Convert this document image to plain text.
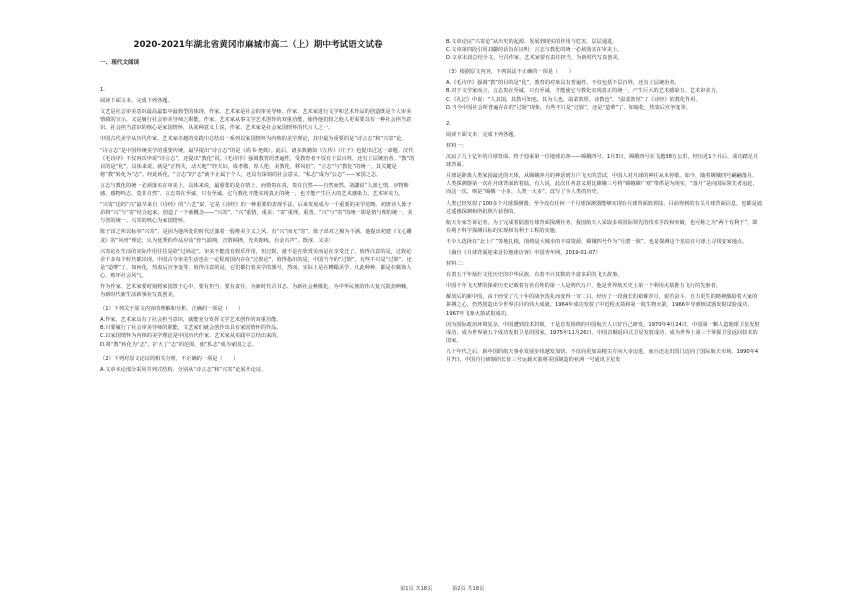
2020-2021年湖北省黄冈市麻城市高二（上）期中考试语文试卷
一、现代文阅读
1.
阅读下面文本，完成下列各题。
文艺是社会审美意识最高最集中最典型的体现，作家、艺术家是社会的审美导师。作家、艺术家进行文学和艺术作品的创造既是个人审美情绪的宣示，又是履行社会审美导师之职能。作家、艺术家从事文学艺术创作的双重功能，使得他们较之他人更需要具有一种社会担当意识。社会担当意识的核心是家国情怀，从某种意义上说，作家、艺术家是社会家国情怀的代言人之一。
中国古代美学从历代作家、艺术家卓越的实践中总结出一系列以家国情怀为内核的美学理论，其中最为重要的是“诗言志”和“兴寄”论。
“诗言志”是中国传统美学的重要传统。最早提出“诗言志”的是《尚书·尧典》。此后，诸多典籍如《左传》《庄子》也提出过这一命题。汉代《毛诗序》不仅再次申说“诗言志”，还提出“教化”说。《毛诗序》强调教育的普遍性，受教育者不仅有下层百姓，还有上层统治者。“教”的目的是“化”。具体来说，就是“正得失，动天地”“经夫妇，成孝敬，厚人伦，美教化，移风俗”。“言志”与“教化”的统一，其关键是将“教”转化为“志”。经此转化，“言志”的“志”就不止属于个人，还具有深刻的社会意义。“私志”成为“公志”——家国之志。
言志与教化的统一必须落实在审美上，具体来说，最重要的是在情上，而情贵在真，贵在自然——自然而然。刘勰说“人禀七情，应物斯感，感物吟志，莫非自然”。言志贵在至诚，只有至诚，它与教化才能实现真正的统一，也才能产生巨大的艺术感染力、艺术审美力。
“兴寄”论的“兴”最早来自《诗经》的“六艺”说，它是《诗经》的一种重要的表现手法，后来发展成为一个重要的美学范畴。初唐诗人陈子昂将“兴”与“寄”结合起来，创造了一个新概念——“兴寄”。“兴”重情，重美；“寄”重理，重善。“兴”与“寄”的统一即是情与理的统一，美与善的统一。兴寄的核心为家国情怀。
陈子昂之所以标举“兴寄”，是因为他所处的时代泛滥着一股唯美主义之风，有“兴”而无“寄”，陈子昂对之极为不满，他提出初建《文心雕龙》的“风骨”理论，认为优秀的作品应该“骨气端翔，音情顿挫，光英朗练，有金石声”。既淳，又美！
兴寄论在生活的实际作用往往是欲“过讽论”。审美不能没有娱乐作用，但过娱，就不是在欣赏美而是在享受迁了。值得注意的是，过娱论差不多每个时代都出现。中国古今审美生活也在一定程度国内存在“过娱论”，值得指出的是，中国当今的“过娱”，有些不只是“过娱”，还是“造孽”了，如何化，热衷后宫争宠等，值得注意的是，它们都打着美学的旗号，然而，实际上是在糟蹋美学，凡此种种，都是在腐蚀人心，败坏社会风气。
作为作家、艺术家要时刻将家国置于心中，要有担当，要有责任，为新时代召书志、为新社会燕歌化，为中华民族的伟大复兴鼓劲呐喊，为新时代新生活新事业写真创美。
（1）下列关于原文内容的理解和分析，正确的一项是（　　）
A.作家、艺术家具有了社会担当意识，就能充分发挥文学艺术创作的双重功能。
B.只要履行了社会审美导师的职能，文艺家们就会创作出具有家国情怀的作品。
C.以家国情怀为内核的美学理论是中国历代作家、艺术家从实践中总结出来的。
D.将“教”转化为“志”，扩大了“志”的范围，使“私志”成为家国之志。
（2）下列对原文论证的相关分析，不正确的一项是（　　）
A.文章本论部分采用并列式结构，分别从“诗言志”和“兴寄”论展开论证。
B.文章论证“兴寄论”从历史的起源、发展到现实的作用与危害，层层递进。
C.文章第四段引用刘勰的话旨在证明：言志与教化的统一必须落实在审美上。
D.文章末段总结全文，号召作家、艺术家要有责任担当，为新时代写真创美。
（3）根据原文内容，下列说法不正确的一项是（　　）
A.《毛诗序》强调“教”的目的是“化”，教育的对象具有普遍性，不仅包括下层百姓，还有上层统治者。
B.对于文学家而言，言志贵在至诚，只有至诚，才能使它与教化实现真正的统一，产生巨大的艺术感染力、艺术审美力。
C.《礼记》中说：“人其国，其教可知也。其为人也，温柔敦厚，诗教也”，“温柔敦厚”了《诗经》的教化作用。
D.当今中国社会所普遍存在的“过娱”现象，有些不只是“过娱”，还是“造孽”了，如娘化，热衷后宫争宠等。
2.
阅读下面文本，完成下列各题。
材料一：
沉寂了几十亿年的月球背面，终于迎来第一位地球访客——嫦娥四号。1月3日，嫦娥四号在飞越38万公里，经历近1个月后，成功踏足月球背面。
月球是距离人类家园最近的天体，从嫦娥奔月的神话到万户飞天的尝试，中国人对月球的神往从未停歇。如今，随着嫦娥四号翩翩落月，人类探测器第一次在月球背面软着陆。有人说，此次任务意义堪比嫦娥三号将“嫦娥嫦广寒”带供是为现实，“落月”是向国际领先者追赶，而这一次，则是“嫦娥一小步，人类一大步”。改写了全人类的历史。
人类已经发射了100多个月球探测器，至今没有任何一个月球探测器能够实现在月球背面软着陆，目前得到的有关月球背面信息，也都是通过遥感探测和所拍照片获得的。
航天专家告诉记者，为了完成着陆器月球背面探测任务，我国航天人采取多项国际领先的技术手段和突破，也可称之为“两个有利于”，即有利于科学探测目标的实现和有利于工程的实施。
不少人选择在“北上广”等地扎根，围绕是大城市的丰富资源，嫦娥四号作为“月潜一族”，也是探测这个星辰在月球上寻找安家地点。
（摘自《月球背面迎来首位地球访客》中国青年网，2019-01-07）
材料二：
有着五千年灿烂文化历史的中华民族，有着不计其数的丰富多彩的飞天故事。
中国千年飞天梦的探索历史记载着有名有姓的第一人是明代万户，他是世界航天史上第一个利用火箭推力飞行的先驱者。
解放后的新中国，由于经受了几十年的战争洗礼而变得一穷二白，经历了一段漫长的艰难岁月，艰苦奋斗、自力更生的精神激励着大家的拼搏之心，仍然创造出令世界注目的伟大成就。1964年成功发射了中近程火箭和第一枚生物火箭，1966年导弹核试器发射试验成功，1967年飞象火箭试射成功。
因为国际政治环境复杂，中国遭到技术封锁，于是首发围绕的中国航天人只好自己研发。1970年4月24日，中国第一颗人造地球卫星发射成功，成为世界第五个成功发射卫星的国家。1975年11月26日，中国首颗返回式卫星发射成功，成为世界上第三个掌握卫星返回技术的国家。
九十年代之后，新中国的航天事业发展步伐越发加快，不仅向更加高精尖方向大步迈进，而且还走出国门迈向了国际航天市场。1990年4月7日，中国自行研制的长征三号运载火箭将美国制造的亚洲一号通讯卫星发
第1页 共18页	第2页 共18页
